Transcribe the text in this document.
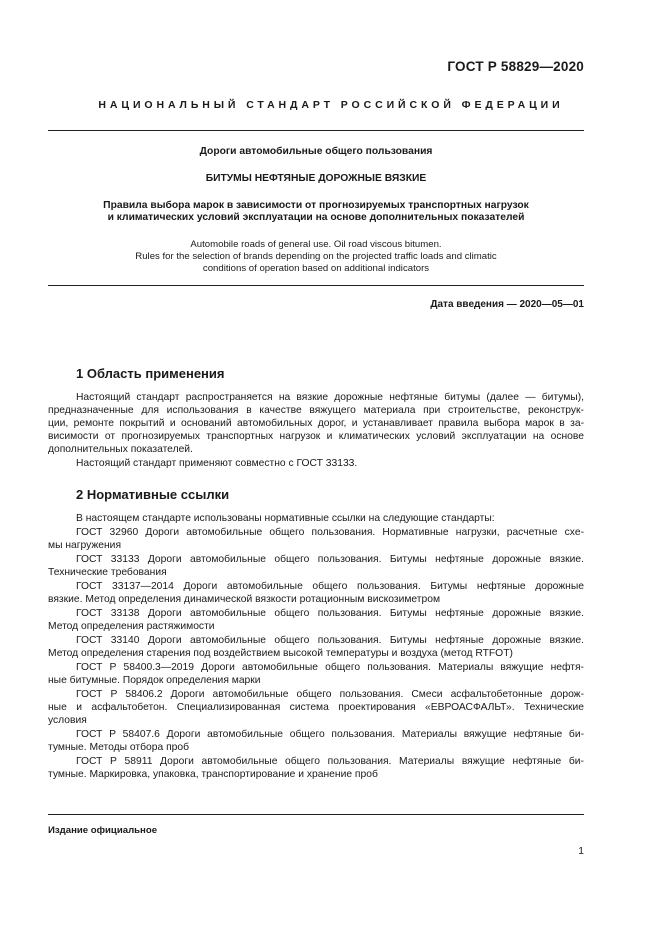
ГОСТ Р 58829—2020
НАЦИОНАЛЬНЫЙ СТАНДАРТ РОССИЙСКОЙ ФЕДЕРАЦИИ
Дороги автомобильные общего пользования
БИТУМЫ НЕФТЯНЫЕ ДОРОЖНЫЕ ВЯЗКИЕ
Правила выбора марок в зависимости от прогнозируемых транспортных нагрузок
и климатических условий эксплуатации на основе дополнительных показателей
Automobile roads of general use. Oil road viscous bitumen.
Rules for the selection of brands depending on the projected traffic loads and climatic
conditions of operation based on additional indicators
Дата введения — 2020—05—01
1 Область применения
Настоящий стандарт распространяется на вязкие дорожные нефтяные битумы (далее — битумы),
предназначенные для использования в качестве вяжущего материала при строительстве, реконструк-
ции, ремонте покрытий и оснований автомобильных дорог, и устанавливает правила выбора марок в за-
висимости от прогнозируемых транспортных нагрузок и климатических условий эксплуатации на основе
дополнительных показателей.
Настоящий стандарт применяют совместно с ГОСТ 33133.
2 Нормативные ссылки
В настоящем стандарте использованы нормативные ссылки на следующие стандарты:
ГОСТ 32960 Дороги автомобильные общего пользования. Нормативные нагрузки, расчетные схе-
мы нагружения
ГОСТ 33133 Дороги автомобильные общего пользования. Битумы нефтяные дорожные вязкие.
Технические требования
ГОСТ 33137—2014 Дороги автомобильные общего пользования. Битумы нефтяные дорожные
вязкие. Метод определения динамической вязкости ротационным вискозиметром
ГОСТ 33138 Дороги автомобильные общего пользования. Битумы нефтяные дорожные вязкие.
Метод определения растяжимости
ГОСТ 33140 Дороги автомобильные общего пользования. Битумы нефтяные дорожные вязкие.
Метод определения старения под воздействием высокой температуры и воздуха (метод RTFOT)
ГОСТ Р 58400.3—2019 Дороги автомобильные общего пользования. Материалы вяжущие нефтя-
ные битумные. Порядок определения марки
ГОСТ Р 58406.2 Дороги автомобильные общего пользования. Смеси асфальтобетонные дорож-
ные и асфальтобетон. Специализированная система проектирования «ЕВРОАСФАЛЬТ». Технические
условия
ГОСТ Р 58407.6 Дороги автомобильные общего пользования. Материалы вяжущие нефтяные би-
тумные. Методы отбора проб
ГОСТ Р 58911 Дороги автомобильные общего пользования. Материалы вяжущие нефтяные би-
тумные. Маркировка, упаковка, транспортирование и хранение проб
Издание официальное
1
